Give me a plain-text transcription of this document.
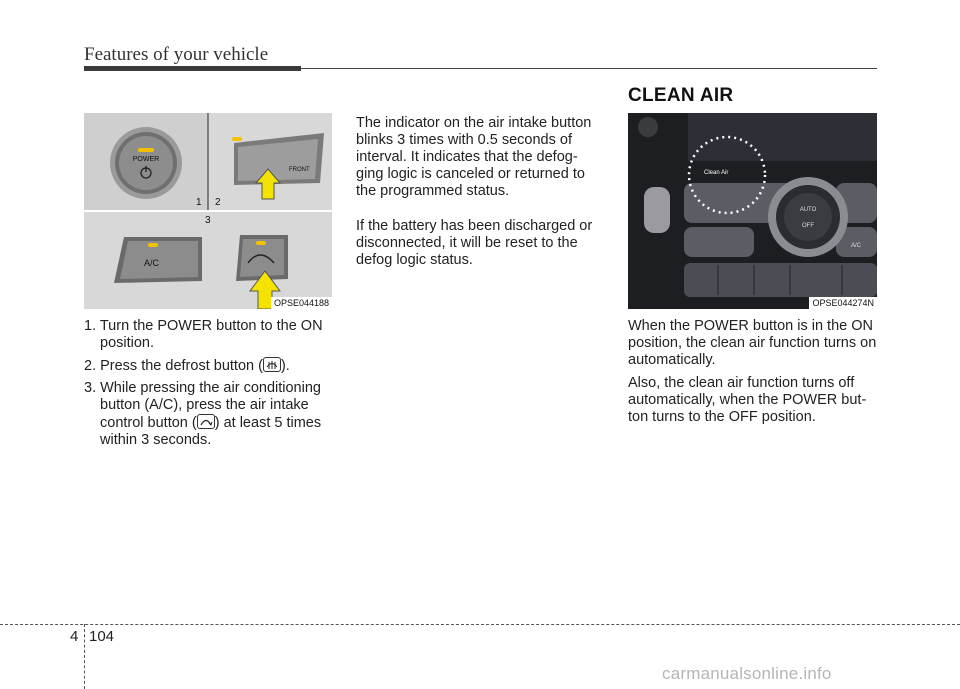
Features of your vehicle
CLEAN AIR
POWER
FRONT
1 2
3
A/C
OPSE044188
AUTO
OFF
A/C
Clean Air
OPSE044274N
1. Turn the POWER button to the ON position.
2. Press the defrost button ( ).
3. While pressing the air conditioning button (A/C), press the air intake control button ( ) at least 5 times within 3 seconds.

The indicator on the air intake button blinks 3 times with 0.5 seconds of interval. It indicates that the defog-ging logic is canceled or returned to the programmed status.

If the battery has been discharged or disconnected, it will be reset to the defog logic status.

When the POWER button is in the ON position, the clean air function turns on automatically.

Also, the clean air function turns off automatically, when the POWER but-ton turns to the OFF position.

4 104
carmanualsonline.info
